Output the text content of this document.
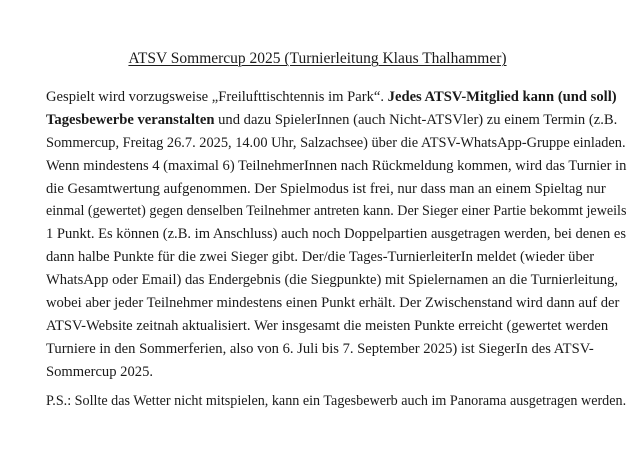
ATSV Sommercup 2025 (Turnierleitung Klaus Thalhammer)
Gespielt wird vorzugsweise „Freilufttischtennis im Park“. Jedes ATSV-Mitglied kann (und soll)
Tagesbewerbe veranstalten und dazu SpielerInnen (auch Nicht-ATSVler) zu einem Termin (z.B.
Sommercup, Freitag 26.7. 2025, 14.00 Uhr, Salzachsee) über die ATSV-WhatsApp-Gruppe einladen. Wenn mindestens 4 (maximal 6) TeilnehmerInnen nach Rückmeldung kommen, wird das Turnier in
die Gesamtwertung aufgenommen. Der Spielmodus ist frei, nur dass man an einem Spieltag nur
einmal (gewertet) gegen denselben Teilnehmer antreten kann. Der Sieger einer Partie bekommt jeweils 1 Punkt. Es können (z.B. im Anschluss) auch noch Doppelpartien ausgetragen werden, bei denen es
dann halbe Punkte für die zwei Sieger gibt. Der/die Tages-TurnierleiterIn meldet (wieder über
WhatsApp oder Email) das Endergebnis (die Siegpunkte) mit Spielernamen an die Turnierleitung,
wobei aber jeder Teilnehmer mindestens einen Punkt erhält. Der Zwischenstand wird dann auf der
ATSV-Website zeitnah aktualisiert. Wer insgesamt die meisten Punkte erreicht (gewertet werden
Turniere in den Sommerferien, also von 6. Juli bis 7. September 2025) ist SiegerIn des ATSV-
Sommercup 2025.
P.S.: Sollte das Wetter nicht mitspielen, kann ein Tagesbewerb auch im Panorama ausgetragen werden.
